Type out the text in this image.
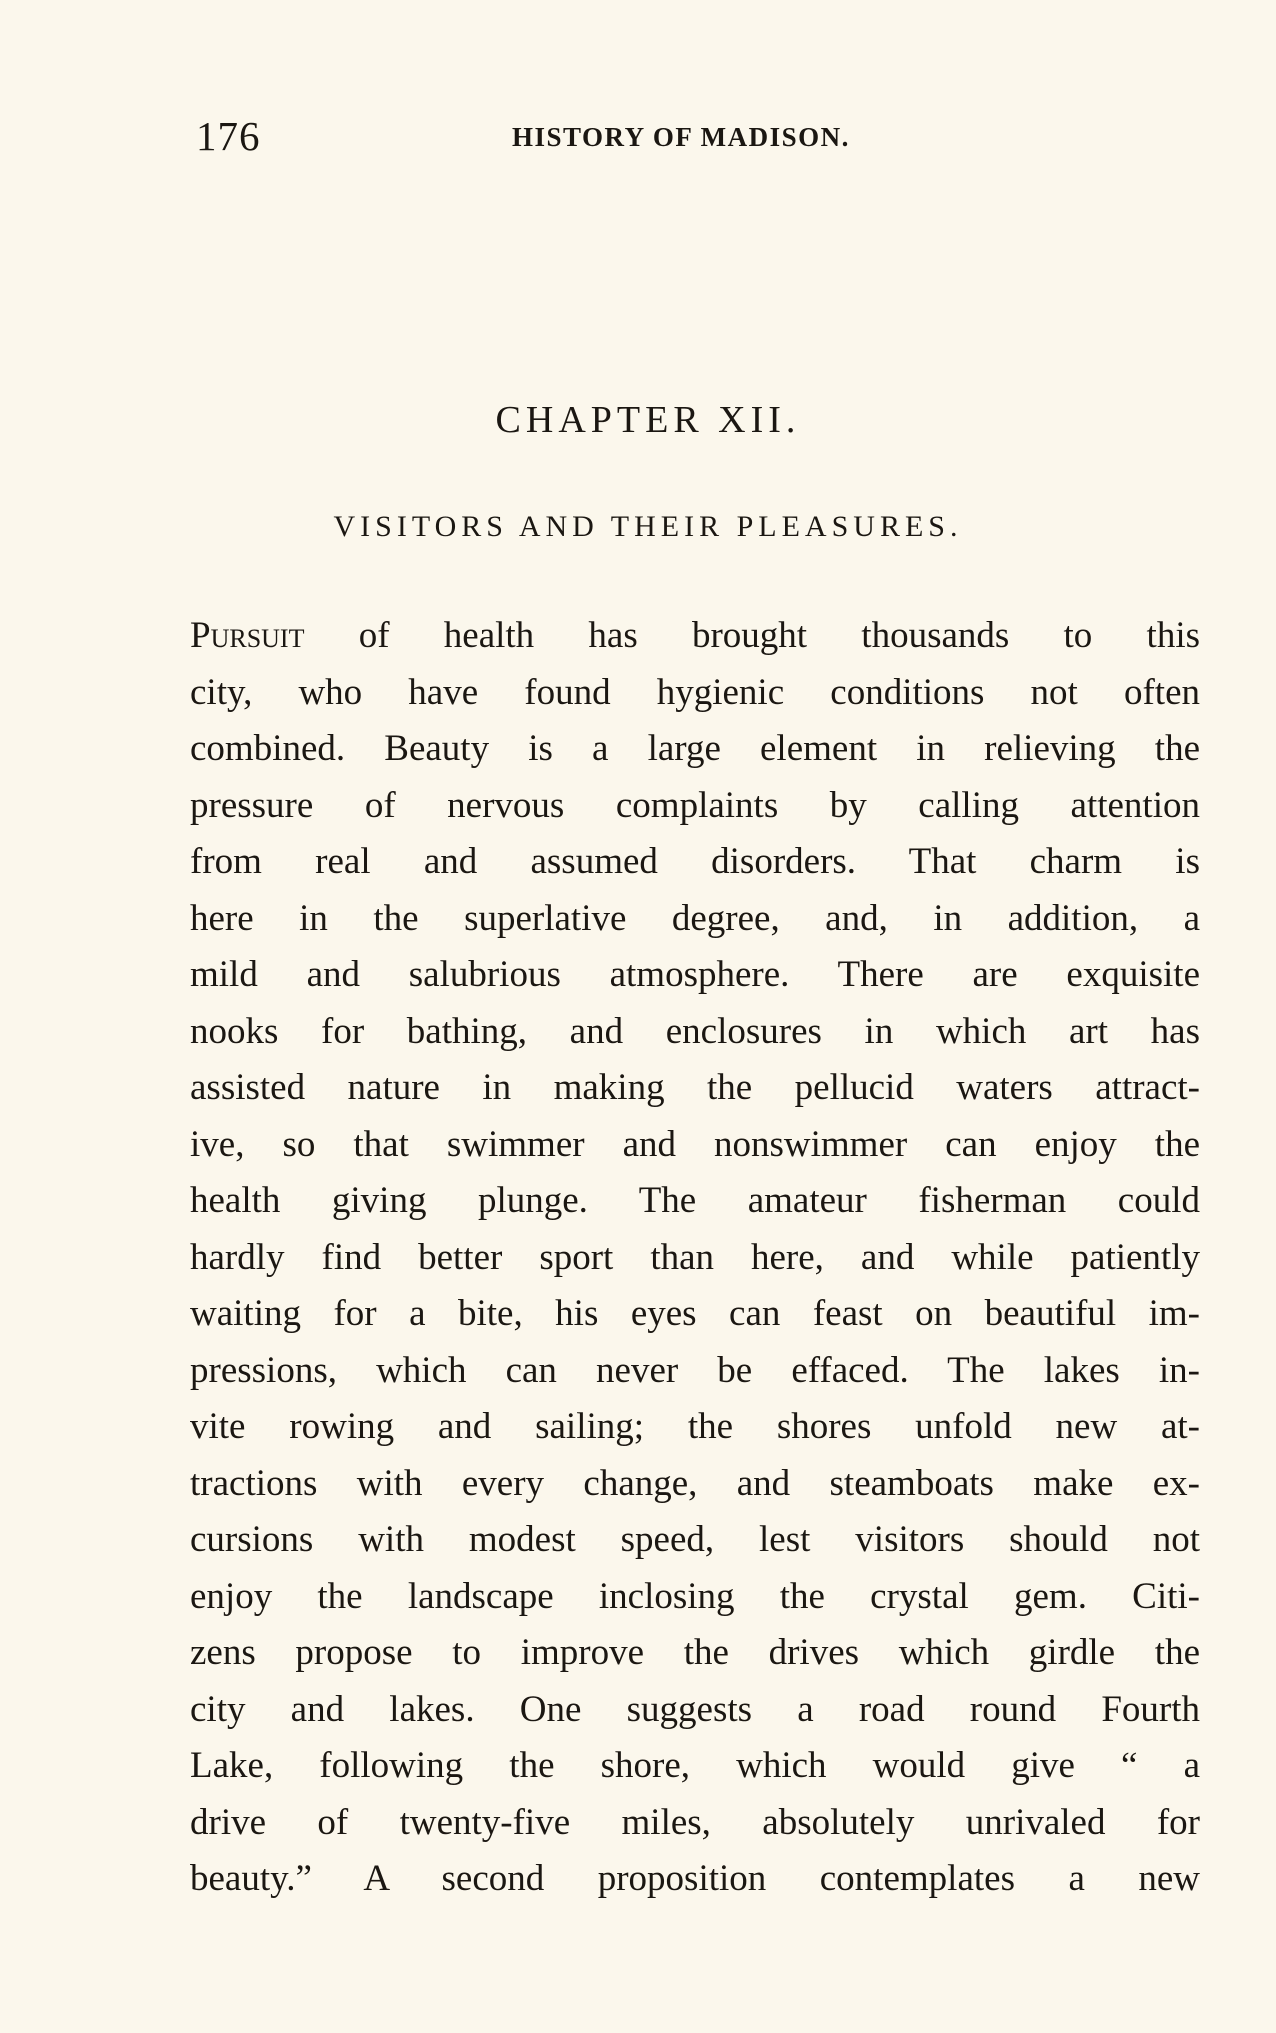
176	HISTORY OF MADISON.
CHAPTER XII.
VISITORS AND THEIR PLEASURES.
Pursuit of health has brought thousands to this
city, who have found hygienic conditions not often
combined. Beauty is a large element in relieving the
pressure of nervous complaints by calling attention
from real and assumed disorders. That charm is
here in the superlative degree, and, in addition, a
mild and salubrious atmosphere. There are exquisite
nooks for bathing, and enclosures in which art has
assisted nature in making the pellucid waters attract-
ive, so that swimmer and nonswimmer can enjoy the
health giving plunge. The amateur fisherman could
hardly find better sport than here, and while patiently
waiting for a bite, his eyes can feast on beautiful im-
pressions, which can never be effaced. The lakes in-
vite rowing and sailing; the shores unfold new at-
tractions with every change, and steamboats make ex-
cursions with modest speed, lest visitors should not
enjoy the landscape inclosing the crystal gem. Citi-
zens propose to improve the drives which girdle the
city and lakes. One suggests a road round Fourth
Lake, following the shore, which would give “ a
drive of twenty-five miles, absolutely unrivaled for
beauty.” A second proposition contemplates a new
